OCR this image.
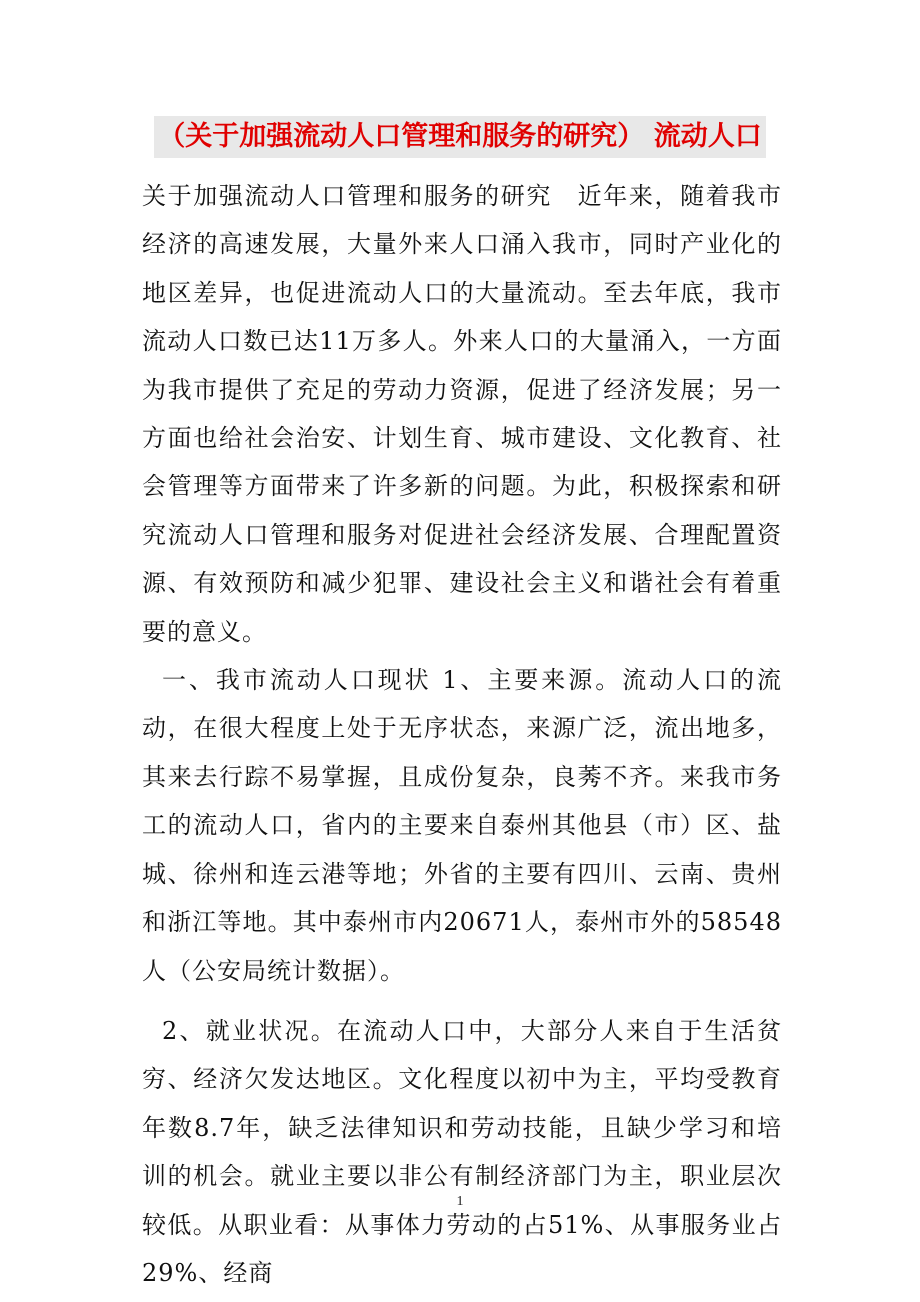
（关于加强流动人口管理和服务的研究） 流动人口

关于加强流动人口管理和服务的研究　近年来，随着我市经济的高速发展，大量外来人口涌入我市，同时产业化的地区差异，也促进流动人口的大量流动。至去年底，我市流动人口数已达11万多人。外来人口的大量涌入，一方面为我市提供了充足的劳动力资源，促进了经济发展；另一方面也给社会治安、计划生育、城市建设、文化教育、社会管理等方面带来了许多新的问题。为此，积极探索和研究流动人口管理和服务对促进社会经济发展、合理配置资源、有效预防和减少犯罪、建设社会主义和谐社会有着重要的意义。

一、我市流动人口现状 1、主要来源。流动人口的流动，在很大程度上处于无序状态，来源广泛，流出地多，其来去行踪不易掌握，且成份复杂，良莠不齐。来我市务工的流动人口，省内的主要来自泰州其他县（市）区、盐城、徐州和连云港等地；外省的主要有四川、云南、贵州和浙江等地。其中泰州市内20671人，泰州市外的58548人（公安局统计数据）。

2、就业状况。在流动人口中，大部分人来自于生活贫穷、经济欠发达地区。文化程度以初中为主，平均受教育年数8.7年，缺乏法律知识和劳动技能，且缺少学习和培训的机会。就业主要以非公有制经济部门为主，职业层次较低。从职业看：从事体力劳动的占51%、从事服务业占29%、经商

1
